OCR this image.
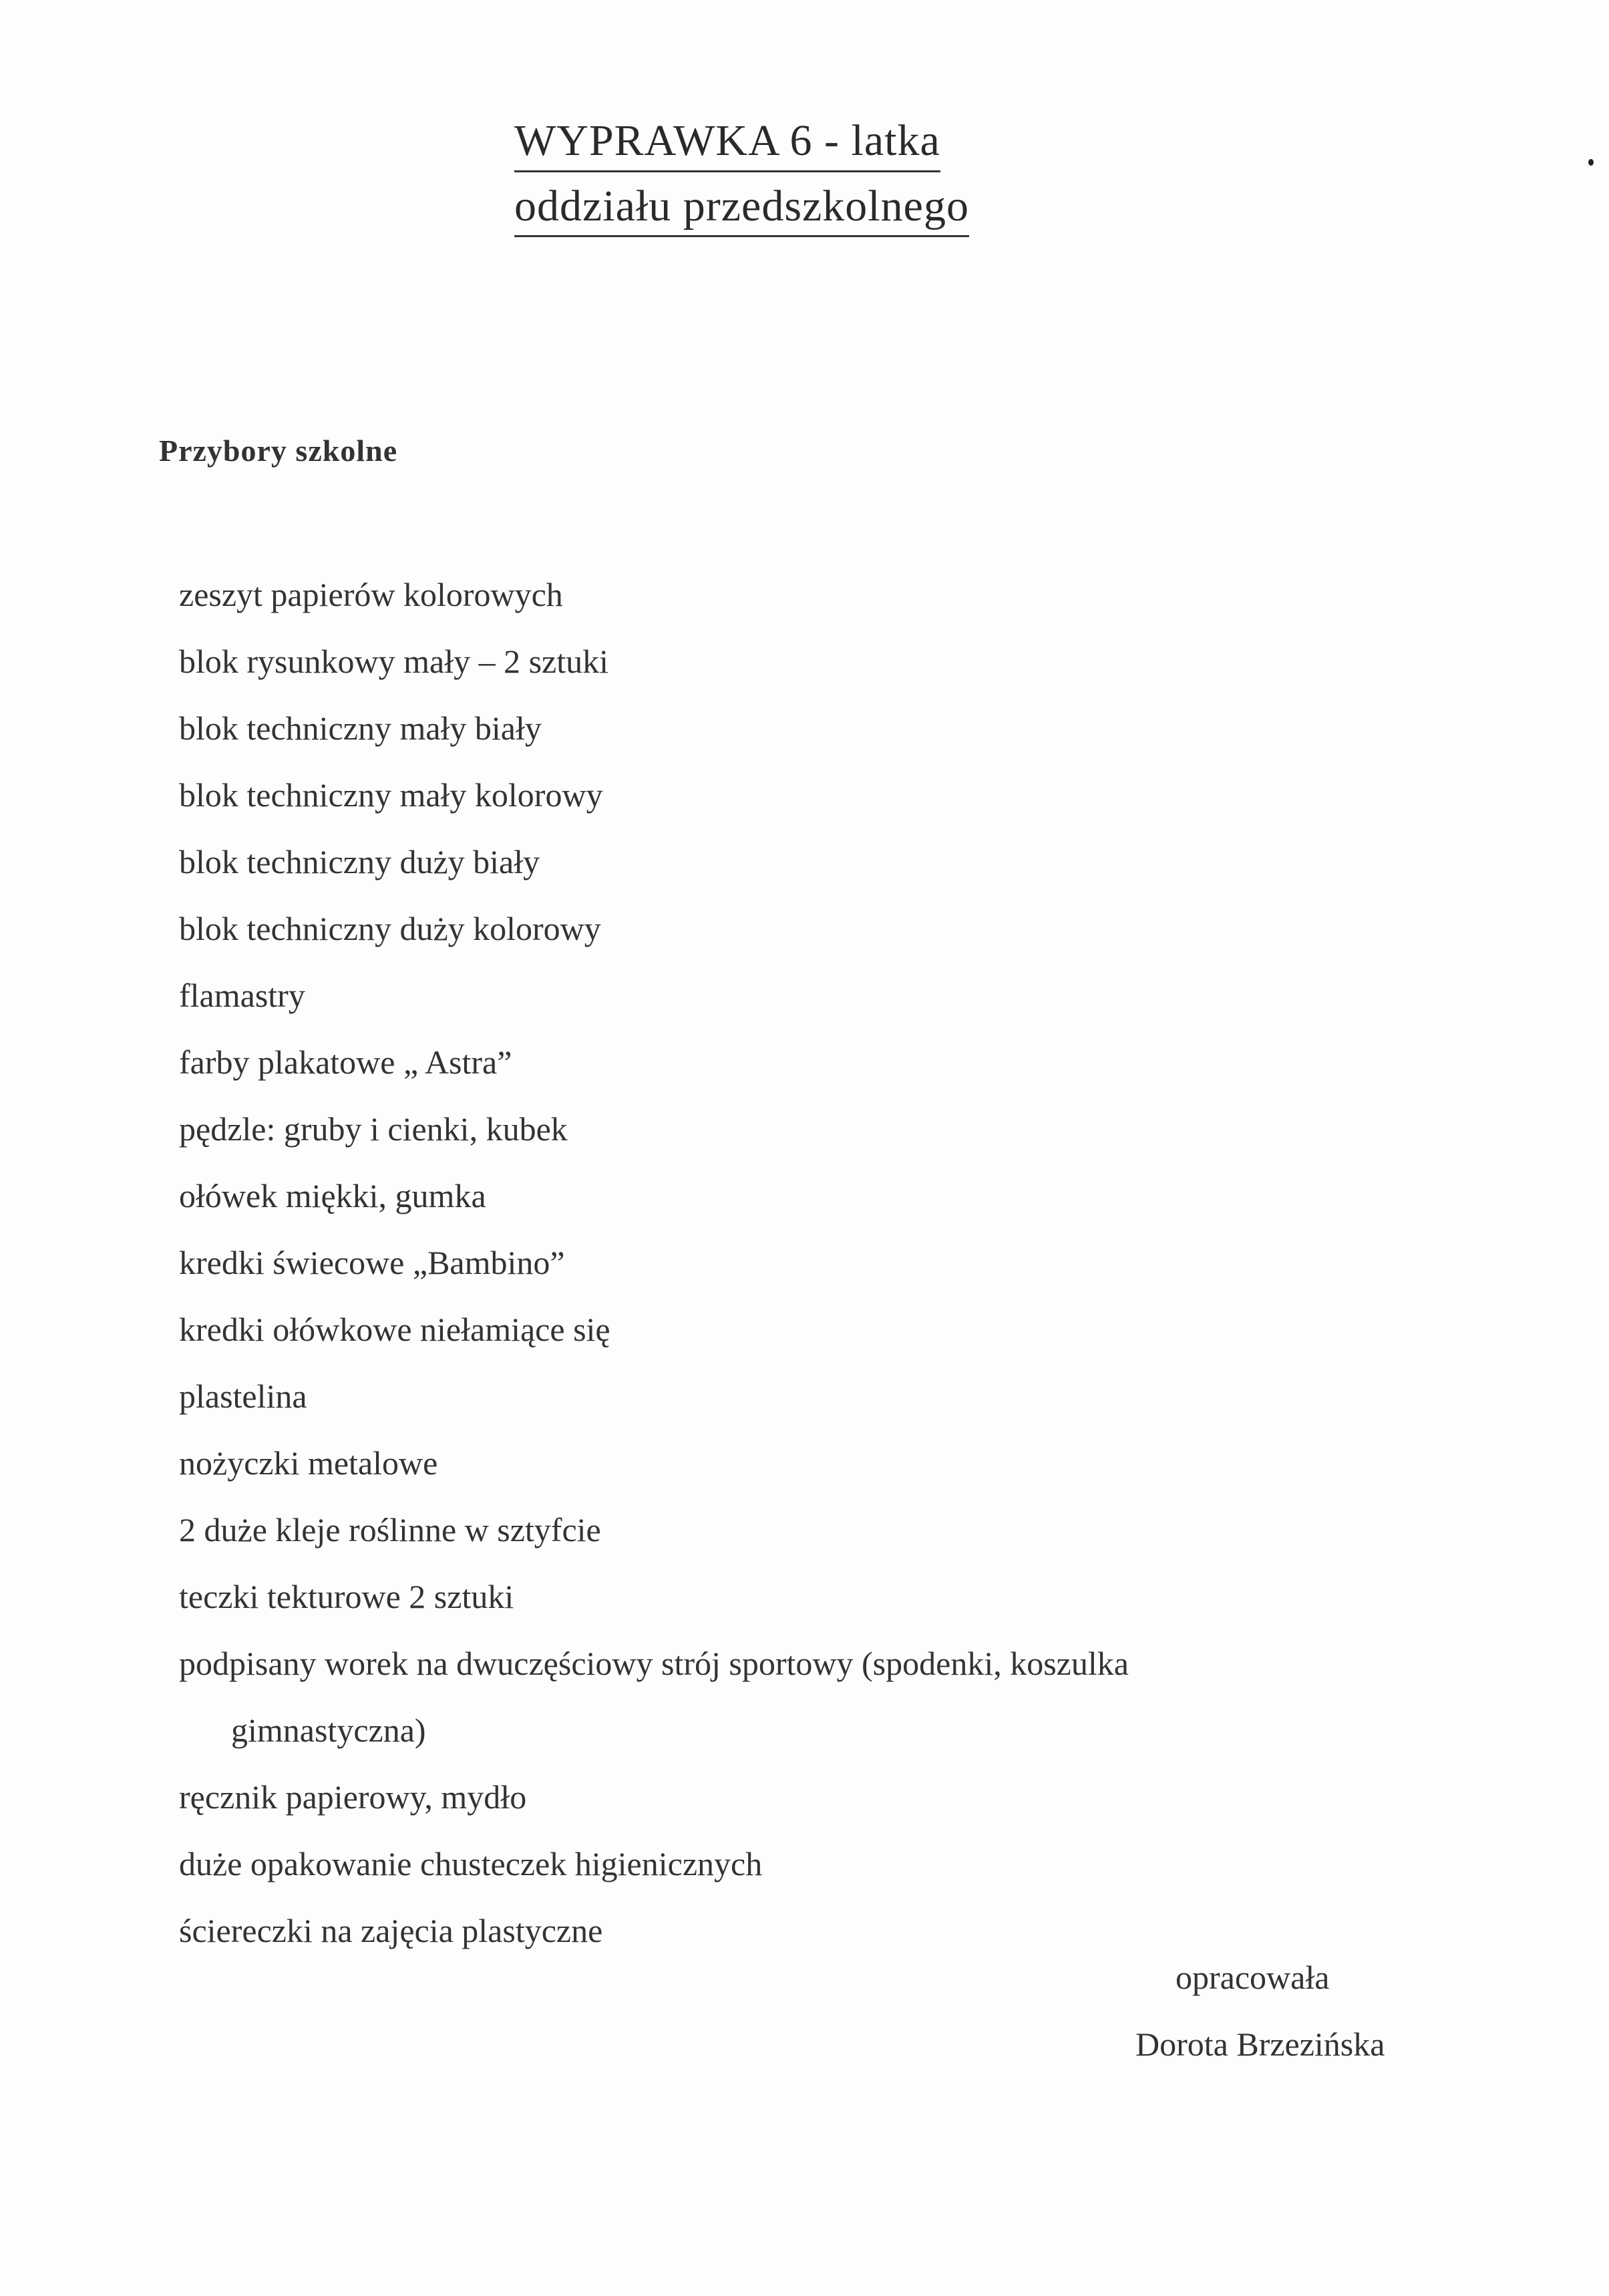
WYPRAWKA 6 - latka
oddziału przedszkolnego
Przybory szkolne
zeszyt papierów kolorowych
blok rysunkowy mały – 2 sztuki
blok techniczny mały biały
blok techniczny mały kolorowy
blok techniczny duży biały
blok techniczny duży kolorowy
flamastry
farby plakatowe „ Astra”
pędzle: gruby i cienki, kubek
ołówek miękki, gumka
kredki świecowe „Bambino”
kredki ołówkowe niełamiące się
plastelina
nożyczki metalowe
2 duże kleje roślinne w sztyfcie
teczki tekturowe 2 sztuki
podpisany worek na dwuczęściowy strój sportowy (spodenki, koszulka
gimnastyczna)
ręcznik papierowy, mydło
duże opakowanie chusteczek higienicznych
ściereczki na zajęcia plastyczne
opracowała
Dorota Brzezińska
